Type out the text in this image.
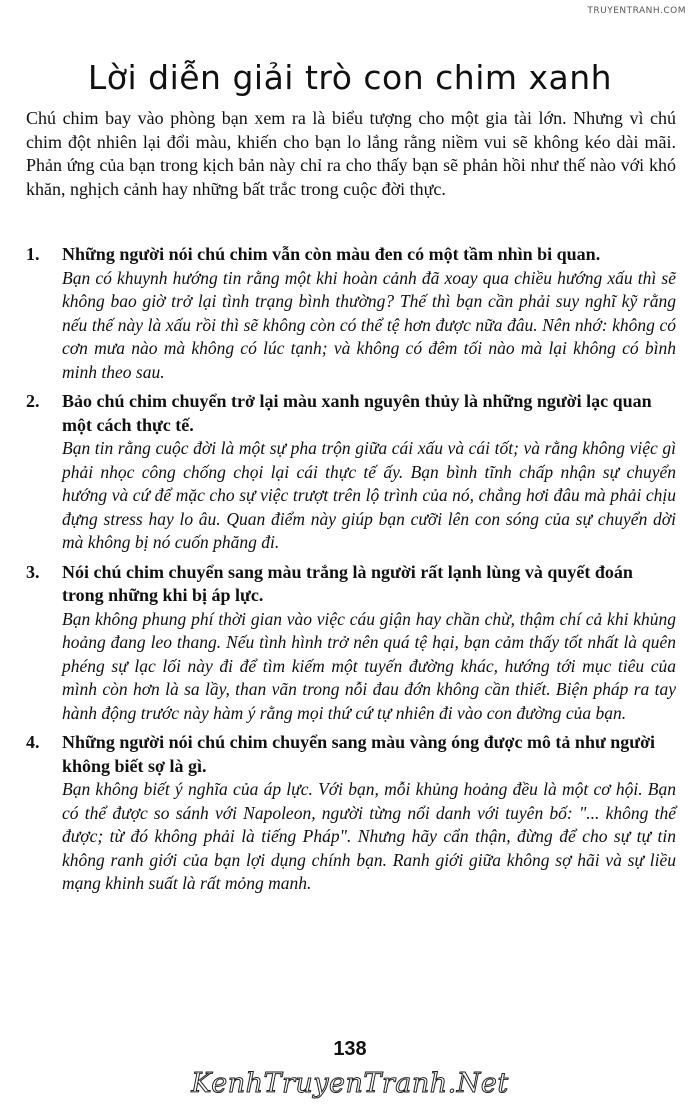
TRUYENTRANH.COM
Lời diễn giải trò con chim xanh

Chú chim bay vào phòng bạn xem ra là biểu tượng cho một gia tài lớn. Nhưng vì chú chim đột nhiên lại đổi màu, khiến cho bạn lo lắng rằng niềm vui sẽ không kéo dài mãi. Phản ứng của bạn trong kịch bản này chỉ ra cho thấy bạn sẽ phản hồi như thế nào với khó khăn, nghịch cảnh hay những bất trắc trong cuộc đời thực.

1. Những người nói chú chim vẫn còn màu đen có một tầm nhìn bi quan.

Bạn có khuynh hướng tin rằng một khi hoàn cảnh đã xoay qua chiều hướng xấu thì sẽ không bao giờ trở lại tình trạng bình thường? Thế thì bạn cần phải suy nghĩ kỹ rằng nếu thế này là xấu rồi thì sẽ không còn có thể tệ hơn được nữa đâu. Nên nhớ: không có cơn mưa nào mà không có lúc tạnh; và không có đêm tối nào mà lại không có bình minh theo sau.

2. Bảo chú chim chuyển trở lại màu xanh nguyên thủy là những người lạc quan một cách thực tế.

Bạn tin rằng cuộc đời là một sự pha trộn giữa cái xấu và cái tốt; và rằng không việc gì phải nhọc công chống chọi lại cái thực tế ấy. Bạn bình tĩnh chấp nhận sự chuyển hướng và cứ để mặc cho sự việc trượt trên lộ trình của nó, chẳng hơi đâu mà phải chịu đựng stress hay lo âu. Quan điểm này giúp bạn cưỡi lên con sóng của sự chuyển dời mà không bị nó cuốn phăng đi.

3. Nói chú chim chuyển sang màu trắng là người rất lạnh lùng và quyết đoán trong những khi bị áp lực.

Bạn không phung phí thời gian vào việc cáu giận hay chần chừ, thậm chí cả khi khủng hoảng đang leo thang. Nếu tình hình trở nên quá tệ hại, bạn cảm thấy tốt nhất là quên phéng sự lạc lối này đi để tìm kiếm một tuyến đường khác, hướng tới mục tiêu của mình còn hơn là sa lầy, than vãn trong nỗi đau đớn không cần thiết. Biện pháp ra tay hành động trước này hàm ý rằng mọi thứ cứ tự nhiên đi vào con đường của bạn.

4. Những người nói chú chim chuyển sang màu vàng óng được mô tả như người không biết sợ là gì.

Bạn không biết ý nghĩa của áp lực. Với bạn, mỗi khủng hoảng đều là một cơ hội. Bạn có thể được so sánh với Napoleon, người từng nổi danh với tuyên bố: "... không thể được; từ đó không phải là tiếng Pháp". Nhưng hãy cẩn thận, đừng để cho sự tự tin không ranh giới của bạn lợi dụng chính bạn. Ranh giới giữa không sợ hãi và sự liều mạng khinh suất là rất mỏng manh.

138
KenhTruyenTranh.Net
